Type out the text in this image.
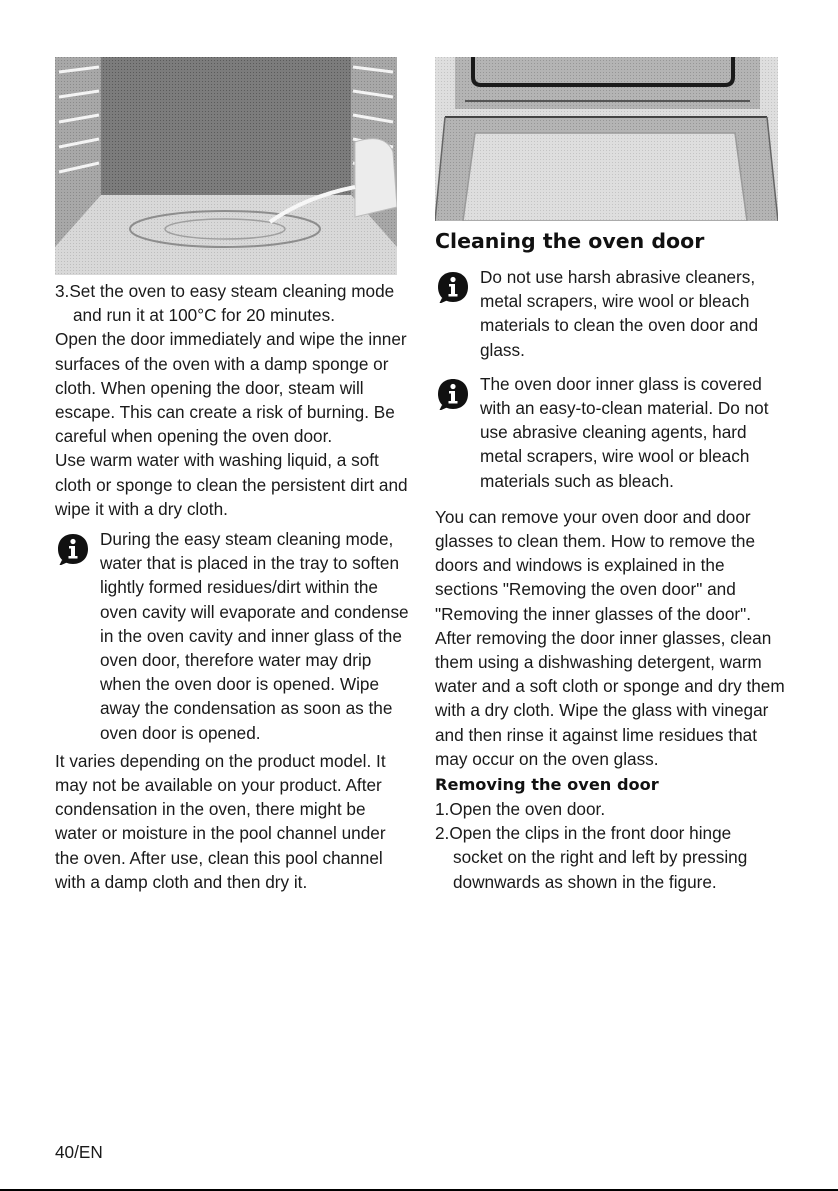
3.Set the oven to easy steam cleaning mode and run it at 100°C for 20 minutes.

Open the door immediately and wipe the inner surfaces of the oven with a damp sponge or cloth. When opening the door, steam will escape. This can create a risk of burning. Be careful when opening the oven door.

Use warm water with washing liquid, a soft cloth or sponge to clean the persistent dirt and wipe it with a dry cloth.

During the easy steam cleaning mode, water that is placed in the tray to soften lightly formed residues/dirt within the oven cavity will evaporate and condense in the oven cavity and inner glass of the oven door, therefore water may drip when the oven door is opened. Wipe away the condensation as soon as the oven door is opened.

It varies depending on the product model. It may not be available on your product. After condensation in the oven, there might be water or moisture in the pool channel under the oven. After use, clean this pool channel with a damp cloth and then dry it.

Cleaning the oven door

Do not use harsh abrasive cleaners, metal scrapers, wire wool or bleach materials to clean the oven door and glass.

The oven door inner glass is covered with an easy-to-clean material. Do not use abrasive cleaning agents, hard metal scrapers, wire wool or bleach materials such as bleach.

You can remove your oven door and door glasses to clean them. How to remove the doors and windows is explained in the sections "Removing the oven door" and "Removing the inner glasses of the door". After removing the door inner glasses, clean them using a dishwashing detergent, warm water and a soft cloth or sponge and dry them with a dry cloth. Wipe the glass with vinegar and then rinse it against lime residues that may occur on the oven glass.

Removing the oven door

1.Open the oven door.

2.Open the clips in the front door hinge socket on the right and left by pressing downwards as shown in the figure.

40/EN
